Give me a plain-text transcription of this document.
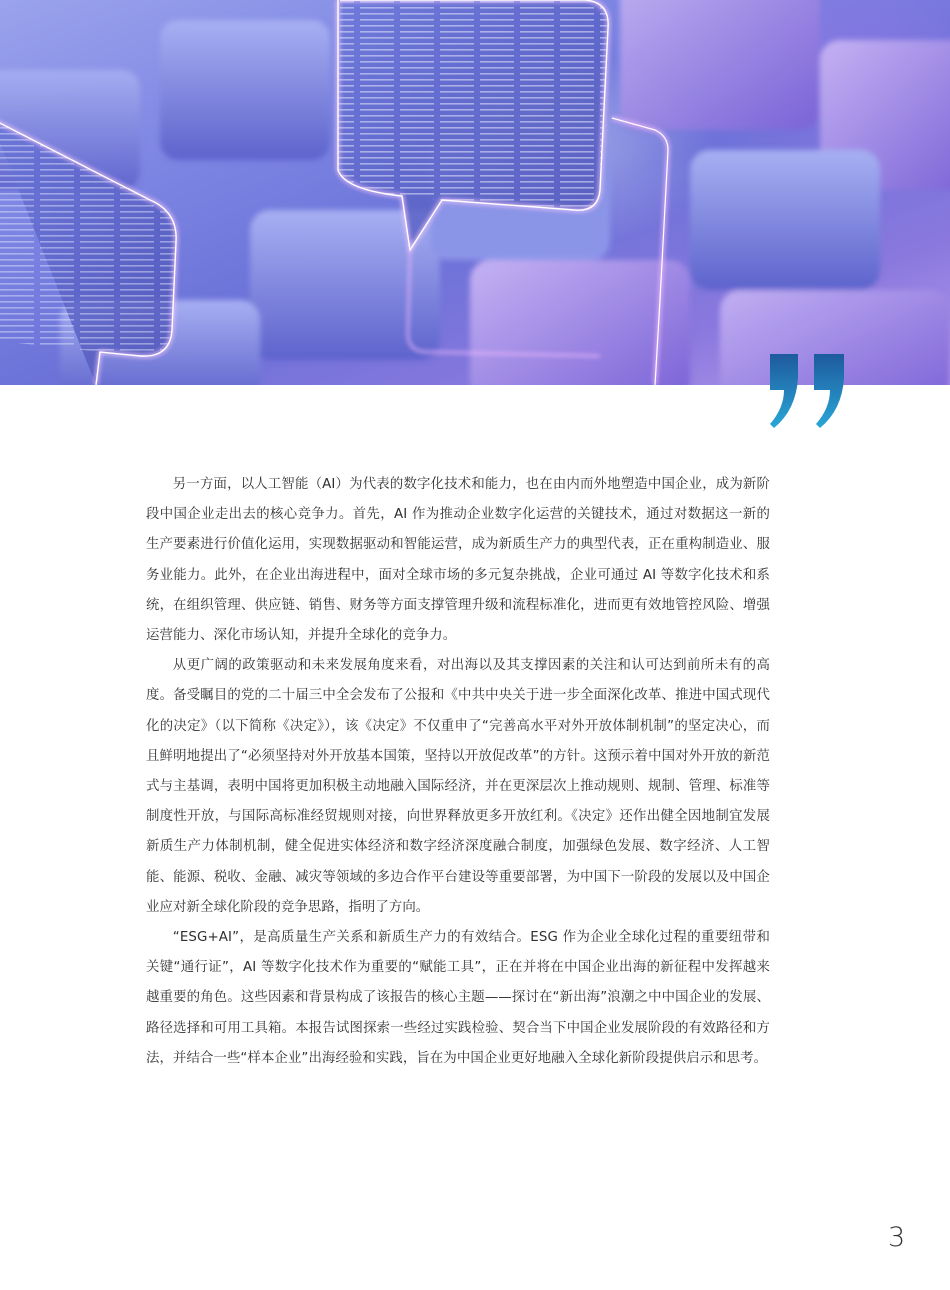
另一方面，以人工智能（AI）为代表的数字化技术和能力，也在由内而外地塑造中国企业，成为新阶段中国企业走出去的核心竞争力。首先，AI 作为推动企业数字化运营的关键技术，通过对数据这一新的生产要素进行价值化运用，实现数据驱动和智能运营，成为新质生产力的典型代表，正在重构制造业、服务业能力。此外，在企业出海进程中，面对全球市场的多元复杂挑战，企业可通过 AI 等数字化技术和系统，在组织管理、供应链、销售、财务等方面支撑管理升级和流程标准化，进而更有效地管控风险、增强运营能力、深化市场认知，并提升全球化的竞争力。

从更广阔的政策驱动和未来发展角度来看，对出海以及其支撑因素的关注和认可达到前所未有的高度。备受瞩目的党的二十届三中全会发布了公报和《中共中央关于进一步全面深化改革、推进中国式现代化的决定》（以下简称《决定》），该《决定》不仅重申了“完善高水平对外开放体制机制”的坚定决心，而且鲜明地提出了“必须坚持对外开放基本国策，坚持以开放促改革”的方针。这预示着中国对外开放的新范式与主基调，表明中国将更加积极主动地融入国际经济，并在更深层次上推动规则、规制、管理、标准等制度性开放，与国际高标准经贸规则对接，向世界释放更多开放红利。《决定》还作出健全因地制宜发展新质生产力体制机制，健全促进实体经济和数字经济深度融合制度，加强绿色发展、数字经济、人工智能、能源、税收、金融、减灾等领域的多边合作平台建设等重要部署，为中国下一阶段的发展以及中国企业应对新全球化阶段的竞争思路，指明了方向。

“ESG+AI”，是高质量生产关系和新质生产力的有效结合。ESG 作为企业全球化过程的重要纽带和关键“通行证”，AI 等数字化技术作为重要的“赋能工具”，正在并将在中国企业出海的新征程中发挥越来越重要的角色。这些因素和背景构成了该报告的核心主题——探讨在“新出海”浪潮之中中国企业的发展、路径选择和可用工具箱。本报告试图探索一些经过实践检验、契合当下中国企业发展阶段的有效路径和方法，并结合一些“样本企业”出海经验和实践，旨在为中国企业更好地融入全球化新阶段提供启示和思考。

3
